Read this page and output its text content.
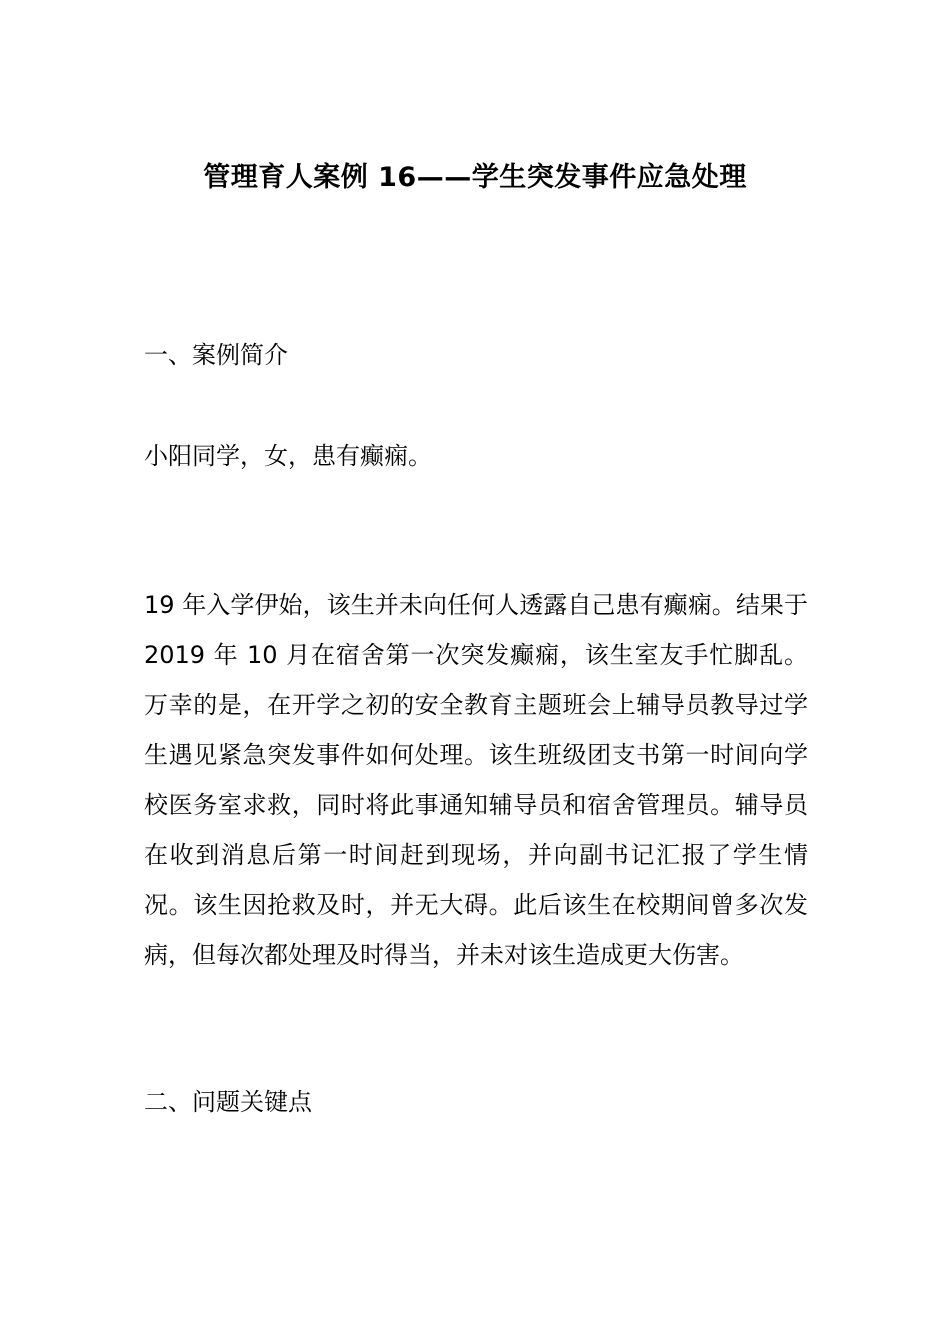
管理育人案例 16——学生突发事件应急处理
一、案例简介

小阳同学，女，患有癫痫。

19 年入学伊始，该生并未向任何人透露自己患有癫痫。结果于 2019 年 10 月在宿舍第一次突发癫痫，该生室友手忙脚乱。万幸的是，在开学之初的安全教育主题班会上辅导员教导过学生遇见紧急突发事件如何处理。该生班级团支书第一时间向学校医务室求救，同时将此事通知辅导员和宿舍管理员。辅导员在收到消息后第一时间赶到现场，并向副书记汇报了学生情况。该生因抢救及时，并无大碍。此后该生在校期间曾多次发病，但每次都处理及时得当，并未对该生造成更大伤害。

二、问题关键点
